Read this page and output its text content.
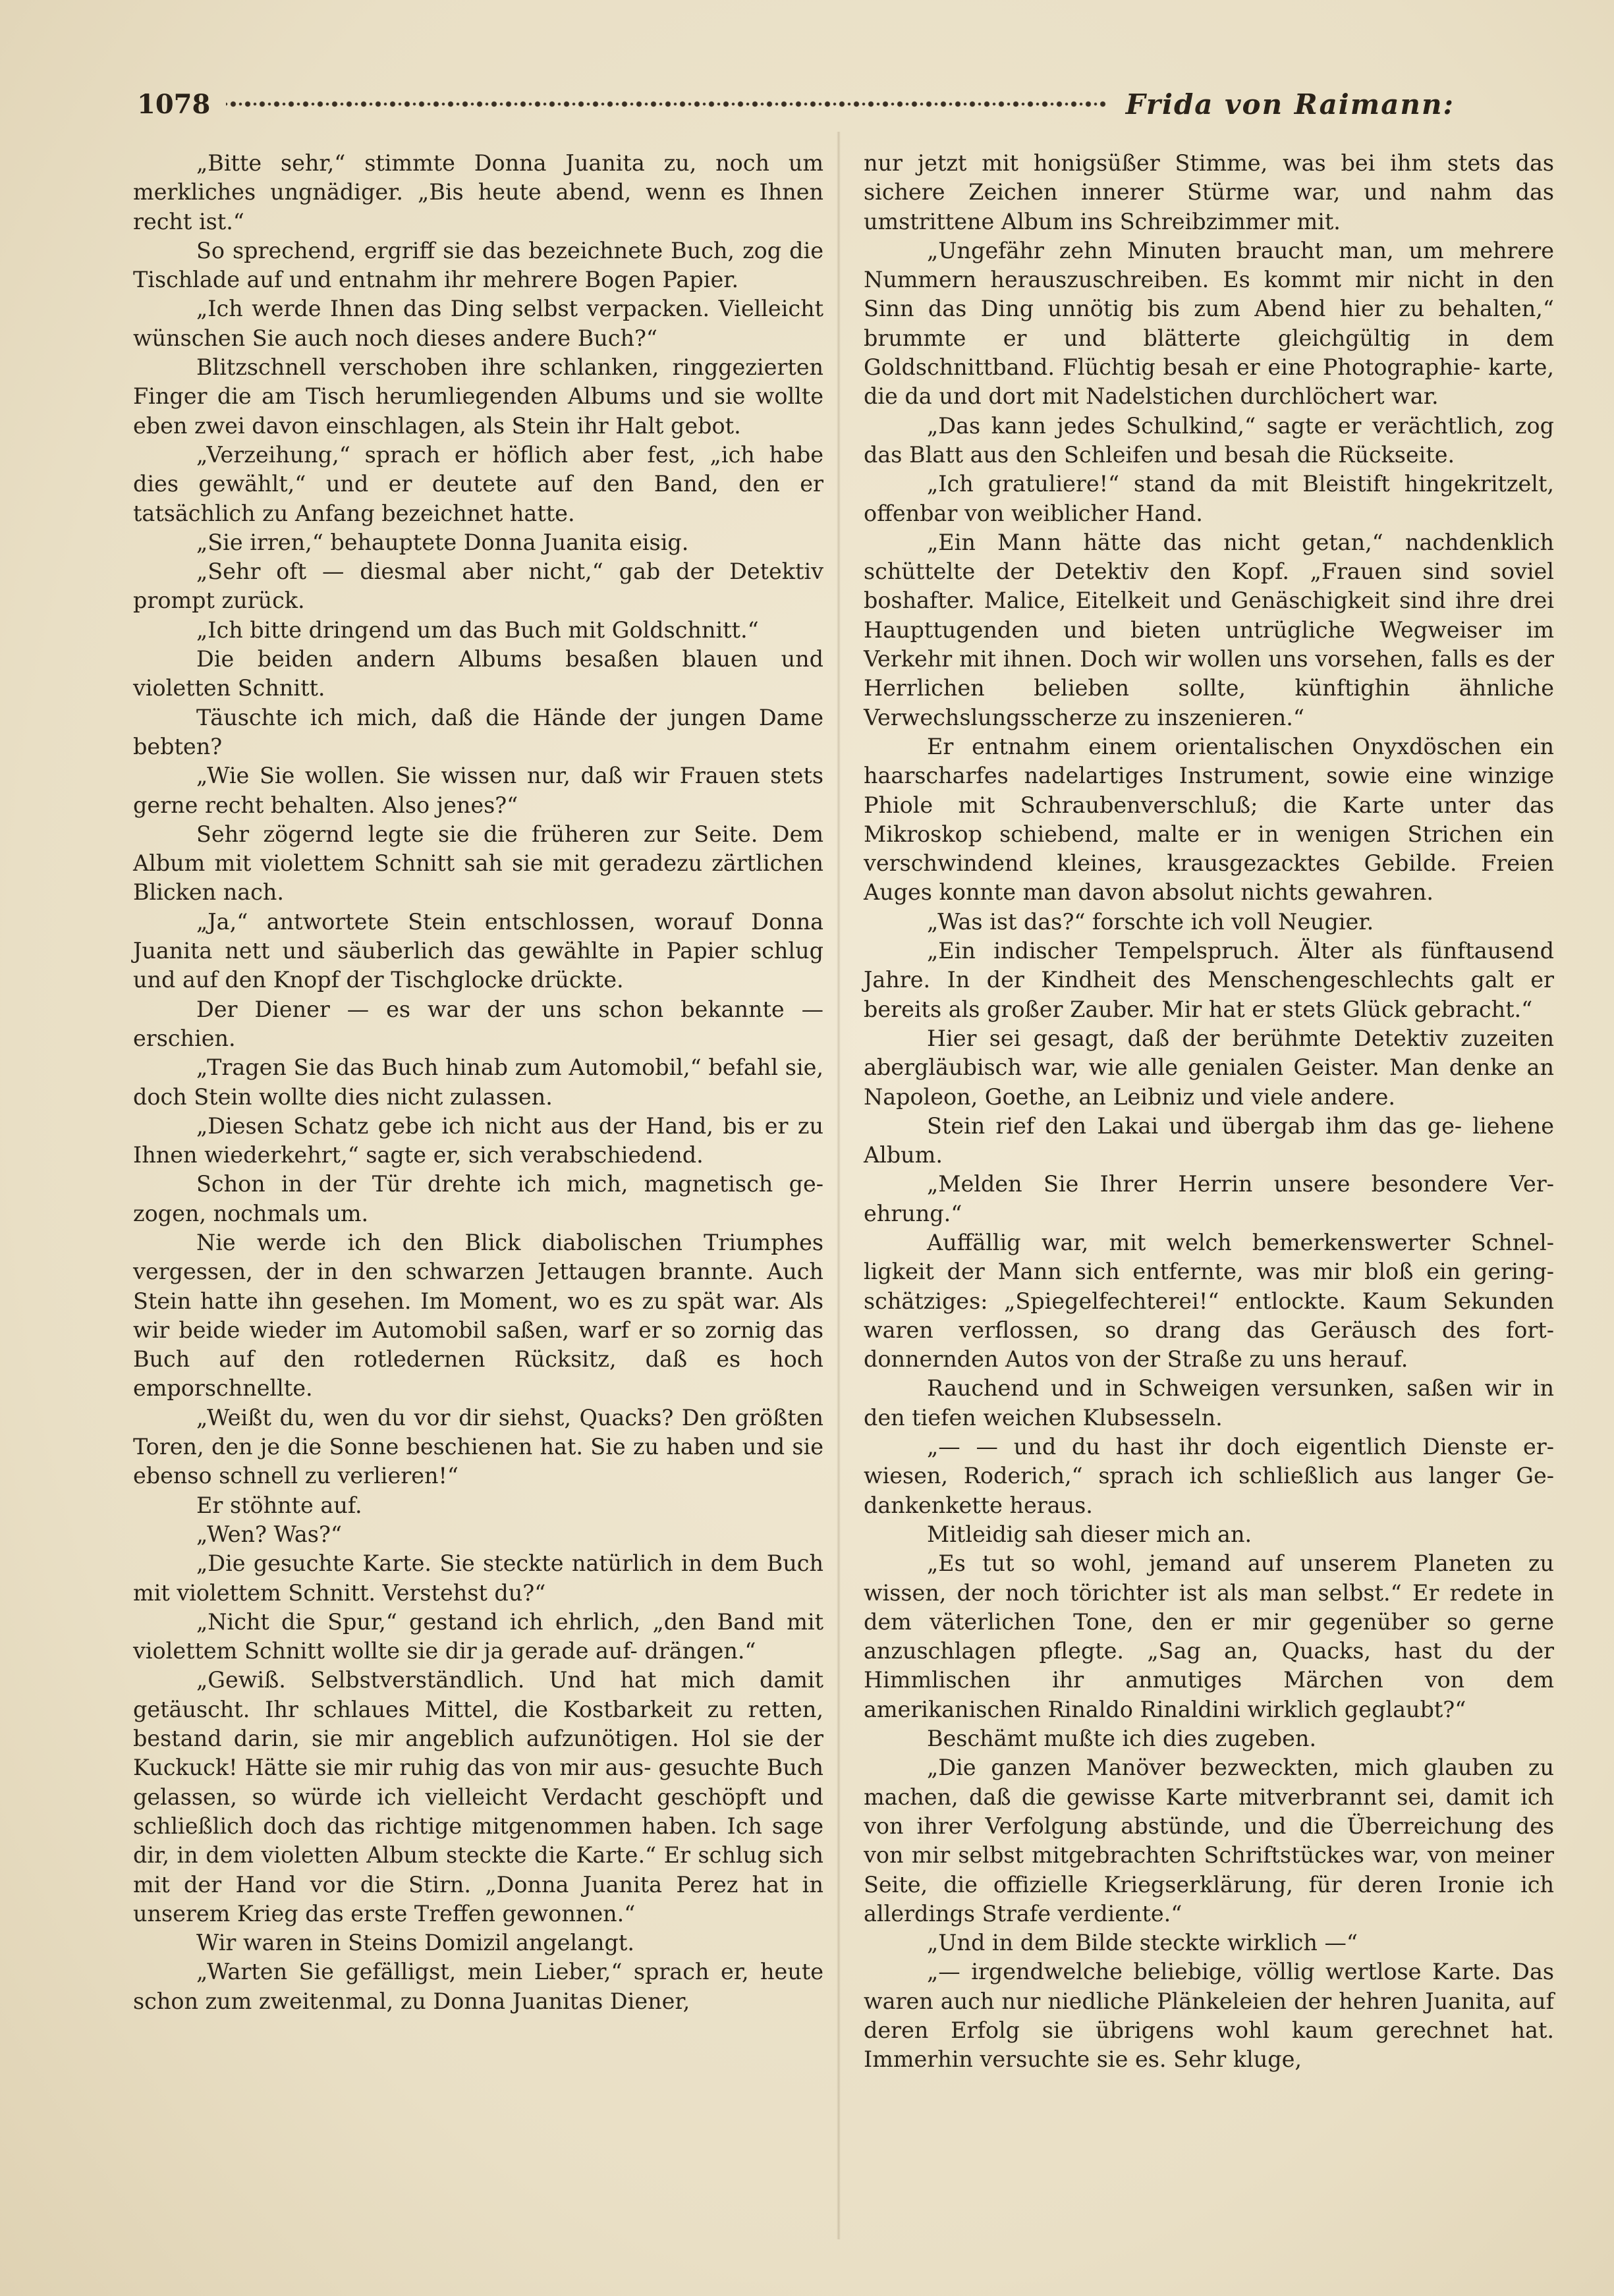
1078	Frida von Raimann:

„Bitte sehr,“ stimmte Donna Juanita zu, noch um merkliches ungnädiger. „Bis heute abend, wenn es Ihnen recht ist.“

So sprechend, ergriff sie das bezeichnete Buch, zog die Tischlade auf und entnahm ihr mehrere Bogen Papier.

„Ich werde Ihnen das Ding selbst verpacken. Vielleicht wünschen Sie auch noch dieses andere Buch?“

Blitzschnell verschoben ihre schlanken, ringgezierten Finger die am Tisch herumliegenden Albums und sie wollte eben zwei davon einschlagen, als Stein ihr Halt gebot.

„Verzeihung,“ sprach er höflich aber fest, „ich habe dies gewählt,“ und er deutete auf den Band, den er tatsächlich zu Anfang bezeichnet hatte.

„Sie irren,“ behauptete Donna Juanita eisig.

„Sehr oft — diesmal aber nicht,“ gab der Detektiv prompt zurück.

„Ich bitte dringend um das Buch mit Goldschnitt.“

Die beiden andern Albums besaßen blauen und violetten Schnitt.

Täuschte ich mich, daß die Hände der jungen Dame bebten?

„Wie Sie wollen. Sie wissen nur, daß wir Frauen stets gerne recht behalten. Also jenes?“

Sehr zögernd legte sie die früheren zur Seite. Dem Album mit violettem Schnitt sah sie mit geradezu zärtlichen Blicken nach.

„Ja,“ antwortete Stein entschlossen, worauf Donna Juanita nett und säuberlich das gewählte in Papier schlug und auf den Knopf der Tischglocke drückte.

Der Diener — es war der uns schon bekannte — erschien.

„Tragen Sie das Buch hinab zum Automobil,“ befahl sie, doch Stein wollte dies nicht zulassen.

„Diesen Schatz gebe ich nicht aus der Hand, bis er zu Ihnen wiederkehrt,“ sagte er, sich verabschiedend.

Schon in der Tür drehte ich mich, magnetisch ge- zogen, nochmals um.

Nie werde ich den Blick diabolischen Triumphes vergessen, der in den schwarzen Jettaugen brannte. Auch Stein hatte ihn gesehen. Im Moment, wo es zu spät war. Als wir beide wieder im Automobil saßen, warf er so zornig das Buch auf den rotledernen Rücksitz, daß es hoch emporschnellte.

„Weißt du, wen du vor dir siehst, Quacks? Den größten Toren, den je die Sonne beschienen hat. Sie zu haben und sie ebenso schnell zu verlieren!“

Er stöhnte auf.

„Wen? Was?“

„Die gesuchte Karte. Sie steckte natürlich in dem Buch mit violettem Schnitt. Verstehst du?“

„Nicht die Spur,“ gestand ich ehrlich, „den Band mit violettem Schnitt wollte sie dir ja gerade auf- drängen.“

„Gewiß. Selbstverständlich. Und hat mich damit getäuscht. Ihr schlaues Mittel, die Kostbarkeit zu retten, bestand darin, sie mir angeblich aufzunötigen. Hol sie der Kuckuck! Hätte sie mir ruhig das von mir aus- gesuchte Buch gelassen, so würde ich vielleicht Verdacht geschöpft und schließlich doch das richtige mitgenommen haben. Ich sage dir, in dem violetten Album steckte die Karte.“ Er schlug sich mit der Hand vor die Stirn. „Donna Juanita Perez hat in unserem Krieg das erste Treffen gewonnen.“

Wir waren in Steins Domizil angelangt.

„Warten Sie gefälligst, mein Lieber,“ sprach er, heute schon zum zweitenmal, zu Donna Juanitas Diener,

nur jetzt mit honigsüßer Stimme, was bei ihm stets das sichere Zeichen innerer Stürme war, und nahm das umstrittene Album ins Schreibzimmer mit.

„Ungefähr zehn Minuten braucht man, um mehrere Nummern herauszuschreiben. Es kommt mir nicht in den Sinn das Ding unnötig bis zum Abend hier zu behalten,“ brummte er und blätterte gleichgültig in dem Goldschnittband. Flüchtig besah er eine Photographie- karte, die da und dort mit Nadelstichen durchlöchert war.

„Das kann jedes Schulkind,“ sagte er verächtlich, zog das Blatt aus den Schleifen und besah die Rückseite.

„Ich gratuliere!“ stand da mit Bleistift hingekritzelt, offenbar von weiblicher Hand.

„Ein Mann hätte das nicht getan,“ nachdenklich schüttelte der Detektiv den Kopf. „Frauen sind soviel boshafter. Malice, Eitelkeit und Genäschigkeit sind ihre drei Haupttugenden und bieten untrügliche Wegweiser im Verkehr mit ihnen. Doch wir wollen uns vorsehen, falls es der Herrlichen belieben sollte, künftighin ähnliche Verwechslungsscherze zu inszenieren.“

Er entnahm einem orientalischen Onyxdöschen ein haarscharfes nadelartiges Instrument, sowie eine winzige Phiole mit Schraubenverschluß; die Karte unter das Mikroskop schiebend, malte er in wenigen Strichen ein verschwindend kleines, krausgezacktes Gebilde. Freien Auges konnte man davon absolut nichts gewahren.

„Was ist das?“ forschte ich voll Neugier.

„Ein indischer Tempelspruch. Älter als fünftausend Jahre. In der Kindheit des Menschengeschlechts galt er bereits als großer Zauber. Mir hat er stets Glück gebracht.“

Hier sei gesagt, daß der berühmte Detektiv zuzeiten abergläubisch war, wie alle genialen Geister. Man denke an Napoleon, Goethe, an Leibniz und viele andere.

Stein rief den Lakai und übergab ihm das ge- liehene Album.

„Melden Sie Ihrer Herrin unsere besondere Ver- ehrung.“

Auffällig war, mit welch bemerkenswerter Schnel- ligkeit der Mann sich entfernte, was mir bloß ein gering- schätziges: „Spiegelfechterei!“ entlockte. Kaum Sekunden waren verflossen, so drang das Geräusch des fort- donnernden Autos von der Straße zu uns herauf.

Rauchend und in Schweigen versunken, saßen wir in den tiefen weichen Klubsesseln.

„— — und du hast ihr doch eigentlich Dienste er- wiesen, Roderich,“ sprach ich schließlich aus langer Ge- dankenkette heraus.

Mitleidig sah dieser mich an.

„Es tut so wohl, jemand auf unserem Planeten zu wissen, der noch törichter ist als man selbst.“ Er redete in dem väterlichen Tone, den er mir gegenüber so gerne anzuschlagen pflegte. „Sag an, Quacks, hast du der Himmlischen ihr anmutiges Märchen von dem amerikanischen Rinaldo Rinaldini wirklich geglaubt?“

Beschämt mußte ich dies zugeben.

„Die ganzen Manöver bezweckten, mich glauben zu machen, daß die gewisse Karte mitverbrannt sei, damit ich von ihrer Verfolgung abstünde, und die Überreichung des von mir selbst mitgebrachten Schriftstückes war, von meiner Seite, die offizielle Kriegserklärung, für deren Ironie ich allerdings Strafe verdiente.“

„Und in dem Bilde steckte wirklich —“

„— irgendwelche beliebige, völlig wertlose Karte. Das waren auch nur niedliche Plänkeleien der hehren Juanita, auf deren Erfolg sie übrigens wohl kaum gerechnet hat. Immerhin versuchte sie es. Sehr kluge,
